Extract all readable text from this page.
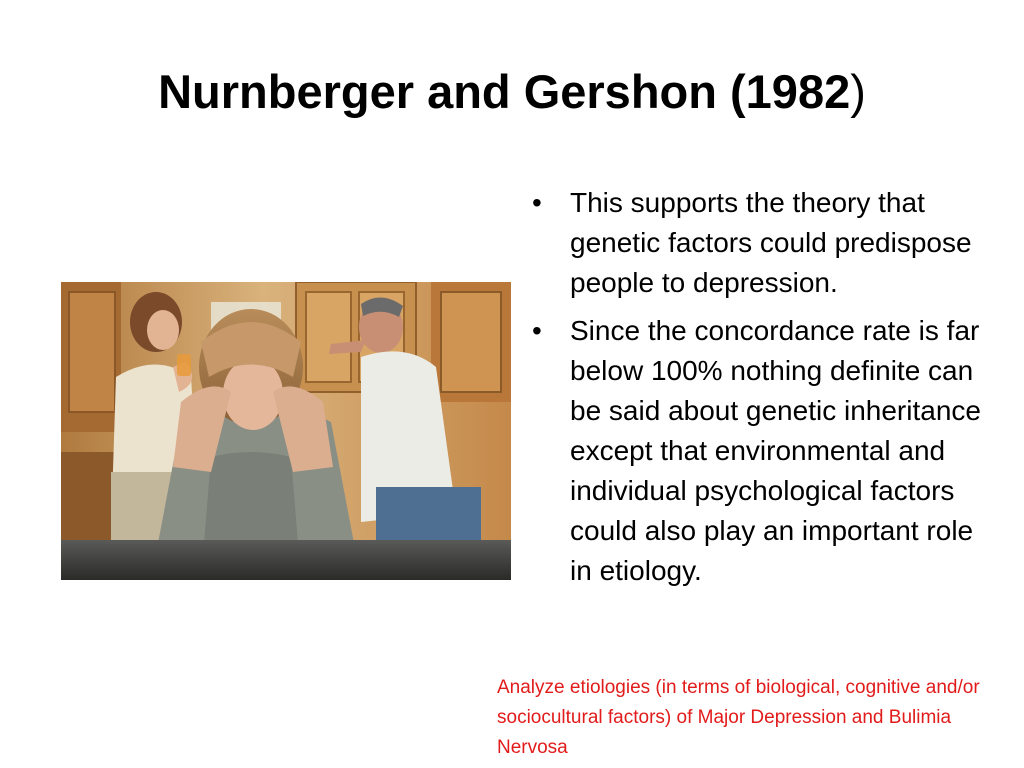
Nurnberger and Gershon (1982)
• This supports the theory that genetic factors could predispose people to depression.
• Since the concordance rate is far below 100% nothing definite can be said about genetic inheritance except that environmental and individual psychological factors could also play an important role in etiology.
Analyze etiologies (in terms of biological, cognitive and/or sociocultural factors) of Major Depression and Bulimia Nervosa
